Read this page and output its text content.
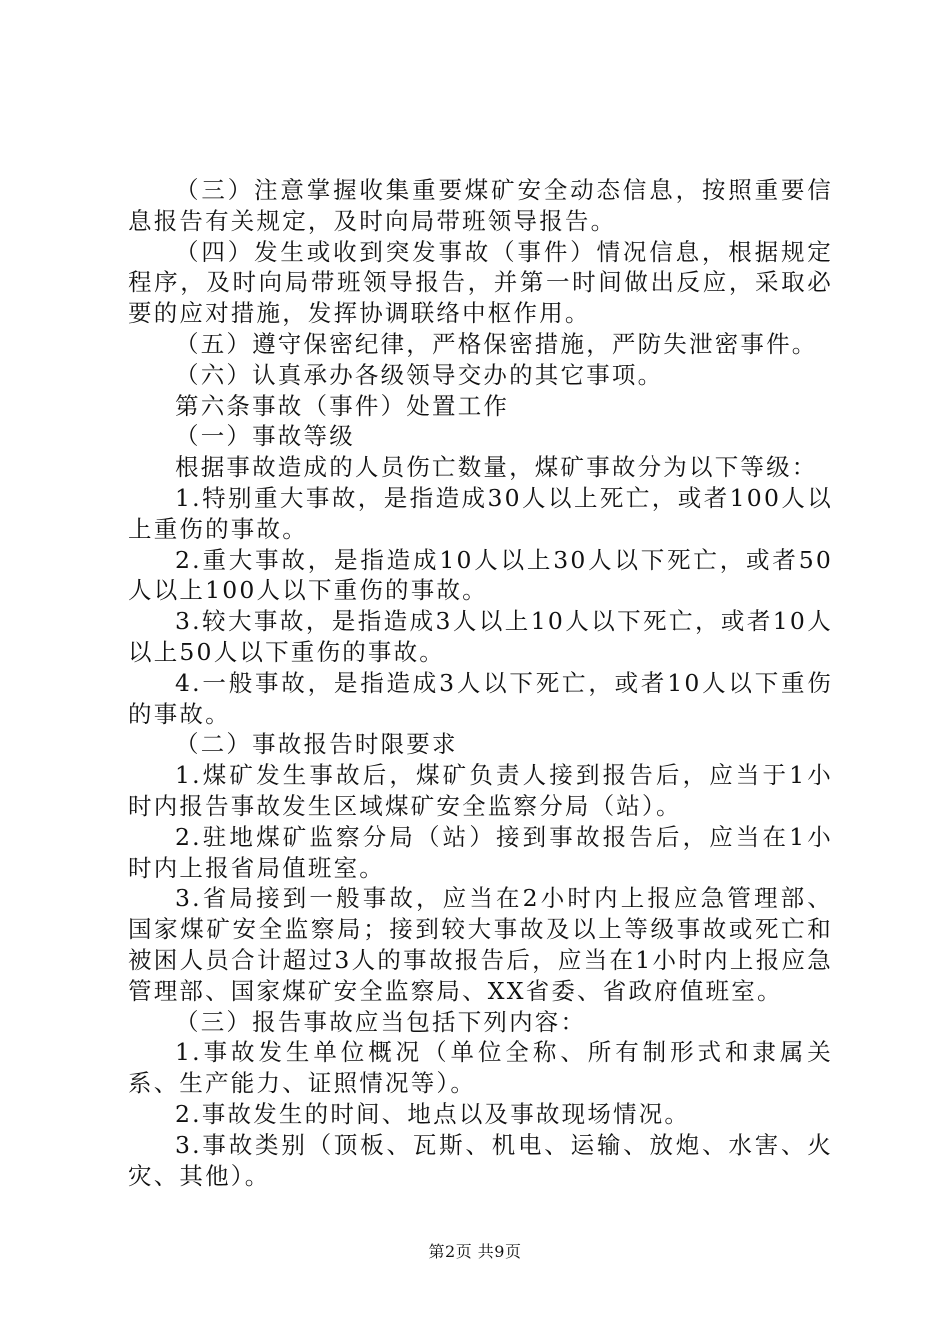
（三）注意掌握收集重要煤矿安全动态信息，按照重要信息报告有关规定，及时向局带班领导报告。

（四）发生或收到突发事故（事件）情况信息，根据规定程序，及时向局带班领导报告，并第一时间做出反应，采取必要的应对措施，发挥协调联络中枢作用。

（五）遵守保密纪律，严格保密措施，严防失泄密事件。

（六）认真承办各级领导交办的其它事项。

第六条事故（事件）处置工作

（一）事故等级

根据事故造成的人员伤亡数量，煤矿事故分为以下等级：

1.特别重大事故，是指造成30人以上死亡，或者100人以上重伤的事故。

2.重大事故，是指造成10人以上30人以下死亡，或者50人以上100人以下重伤的事故。

3.较大事故，是指造成3人以上10人以下死亡，或者10人以上50人以下重伤的事故。

4.一般事故，是指造成3人以下死亡，或者10人以下重伤的事故。

（二）事故报告时限要求

1.煤矿发生事故后，煤矿负责人接到报告后，应当于1小时内报告事故发生区域煤矿安全监察分局（站）。

2.驻地煤矿监察分局（站）接到事故报告后，应当在1小时内上报省局值班室。

3.省局接到一般事故，应当在2小时内上报应急管理部、国家煤矿安全监察局；接到较大事故及以上等级事故或死亡和被困人员合计超过3人的事故报告后，应当在1小时内上报应急管理部、国家煤矿安全监察局、XX省委、省政府值班室。

（三）报告事故应当包括下列内容：

1.事故发生单位概况（单位全称、所有制形式和隶属关系、生产能力、证照情况等）。

2.事故发生的时间、地点以及事故现场情况。

3.事故类别（顶板、瓦斯、机电、运输、放炮、水害、火灾、其他）。

第2页 共9页
